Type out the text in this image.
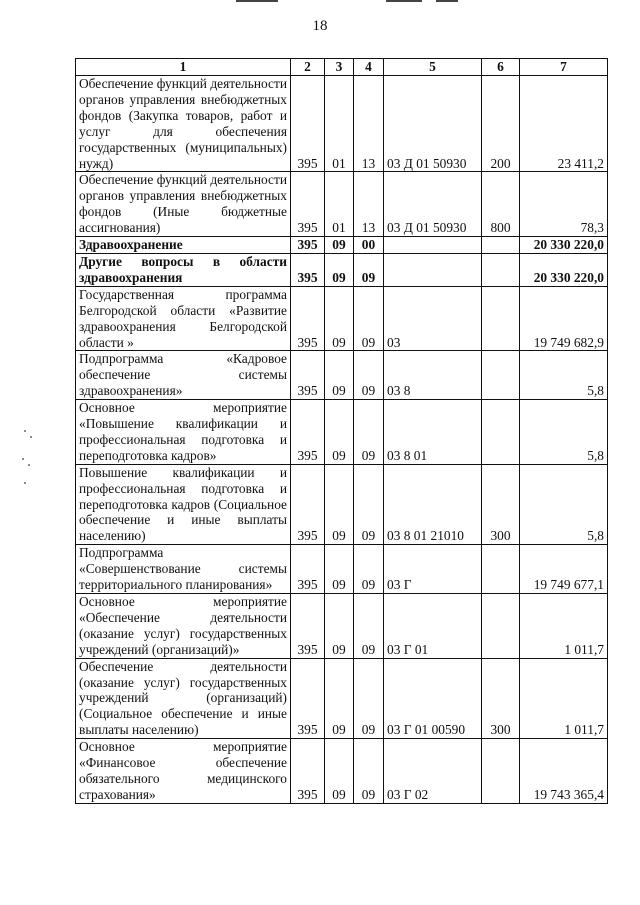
18
1	2	3	4	5	6	7
Обеспечение функций деятельности органов управления внебюджетных фондов (Закупка товаров, работ и услуг для обеспечения государственных (муниципальных) нужд)	395	01	13	03 Д 01 50930	200	23 411,2
Обеспечение функций деятельности органов управления внебюджетных фондов (Иные бюджетные ассигнования)	395	01	13	03 Д 01 50930	800	78,3
Здравоохранение	395	09	00			20 330 220,0
Другие вопросы в области здравоохранения	395	09	09			20 330 220,0
Государственная программа Белгородской области «Развитие здравоохранения Белгородской области »	395	09	09	03		19 749 682,9
Подпрограмма «Кадровое обеспечение системы здравоохранения»	395	09	09	03 8		5,8
Основное мероприятие «Повышение квалификации и профессиональная подготовка и переподготовка кадров»	395	09	09	03 8 01		5,8
Повышение квалификации и профессиональная подготовка и переподготовка кадров (Социальное обеспечение и иные выплаты населению)	395	09	09	03 8 01 21010	300	5,8
Подпрограмма «Совершенствование системы территориального планирования»	395	09	09	03 Г		19 749 677,1
Основное мероприятие «Обеспечение деятельности (оказание услуг) государственных учреждений (организаций)»	395	09	09	03 Г 01		1 011,7
Обеспечение деятельности (оказание услуг) государственных учреждений (организаций) (Социальное обеспечение и иные выплаты населению)	395	09	09	03 Г 01 00590	300	1 011,7
Основное мероприятие «Финансовое обеспечение обязательного медицинского страхования»	395	09	09	03 Г 02		19 743 365,4
